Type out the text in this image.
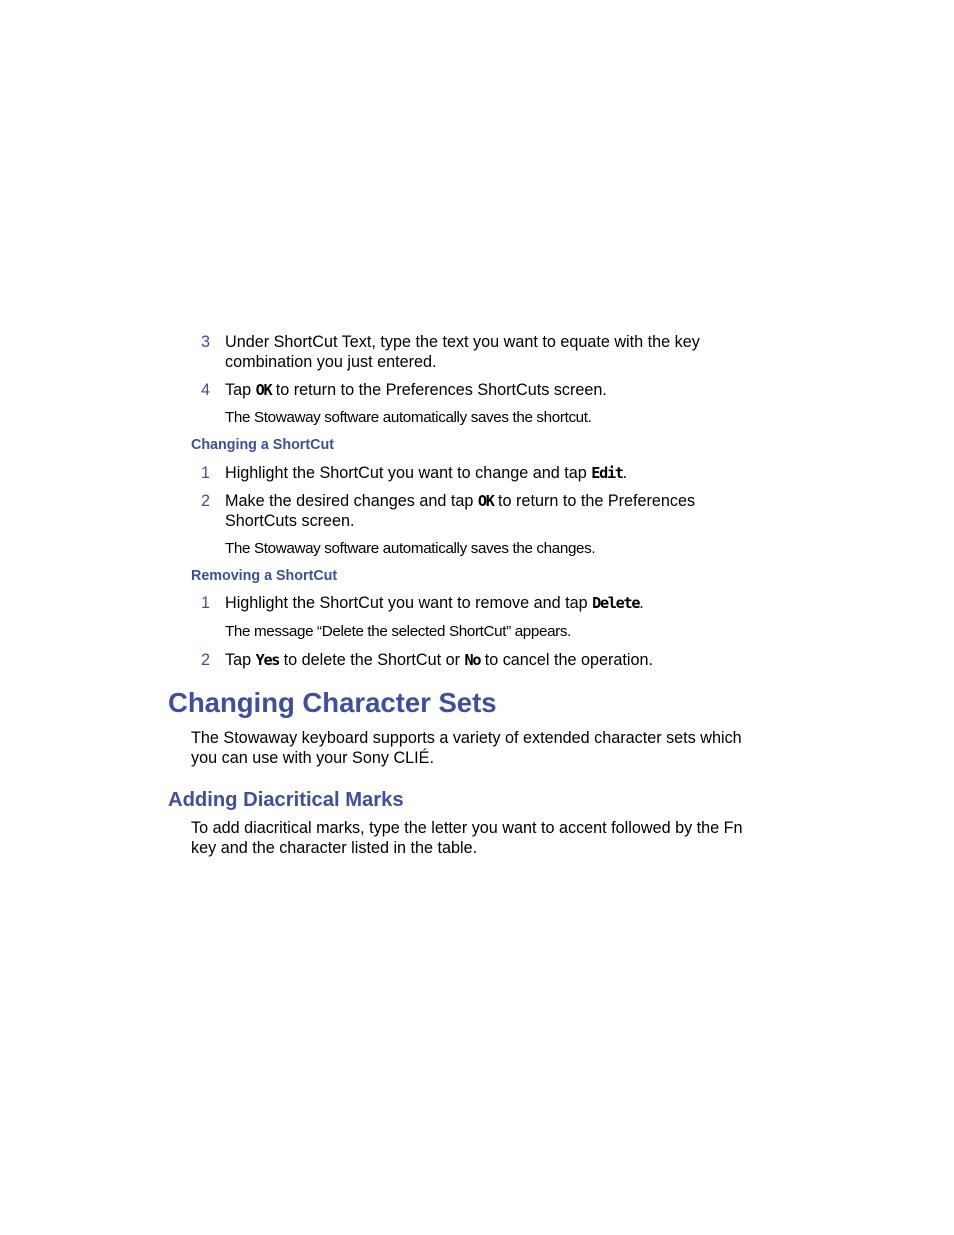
3 Under ShortCut Text, type the text you want to equate with the key
combination you just entered.
4 Tap OK to return to the Preferences ShortCuts screen.
The Stowaway software automatically saves the shortcut.
Changing a ShortCut
1 Highlight the ShortCut you want to change and tap Edit.
2 Make the desired changes and tap OK to return to the Preferences
ShortCuts screen.
The Stowaway software automatically saves the changes.
Removing a ShortCut
1 Highlight the ShortCut you want to remove and tap Delete.
The message “Delete the selected ShortCut” appears.
2 Tap Yes to delete the ShortCut or No to cancel the operation.
Changing Character Sets
The Stowaway keyboard supports a variety of extended character sets which
you can use with your Sony CLIÉ.
Adding Diacritical Marks
To add diacritical marks, type the letter you want to accent followed by the Fn
key and the character listed in the table.
